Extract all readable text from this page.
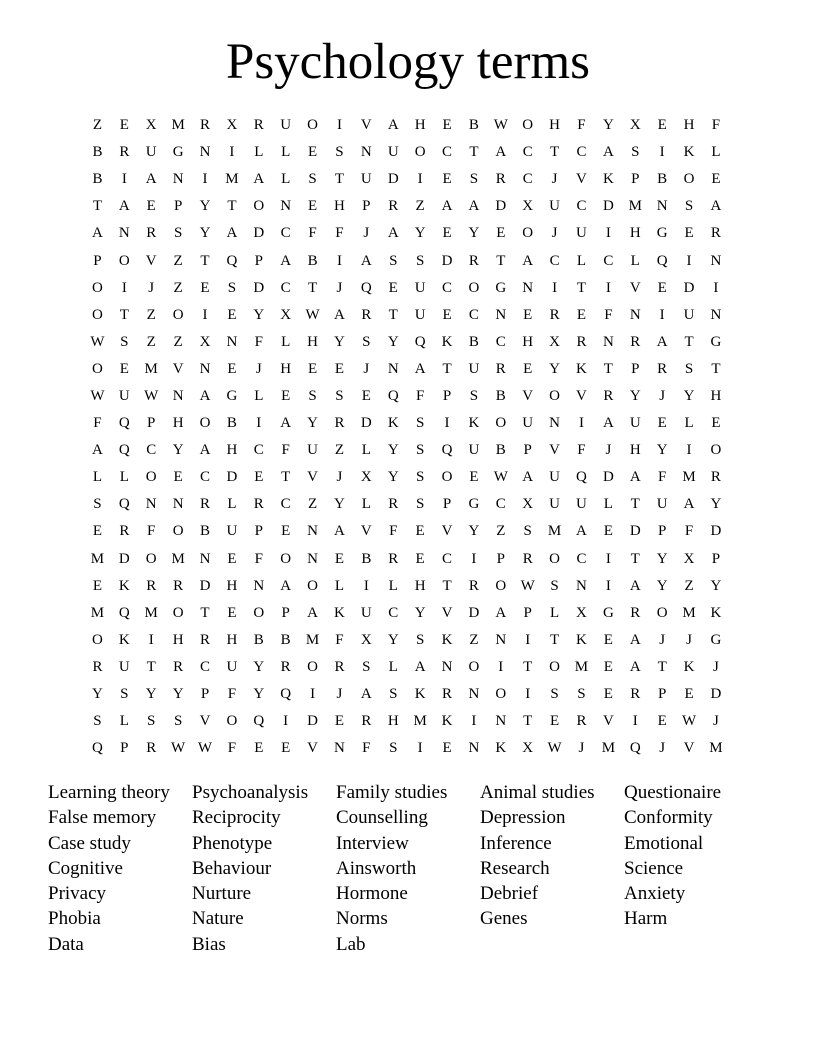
Psychology terms
Z	E	X M	R	X	R	U	O	I	V	A	H	E	B W O	H	F	Y	X	E	H	F
B	R	U	G	N	I	L	L	E	S	N	U	O	C	T	A	C	T	C	A	S	I	K	L
B	I	A	N	I	M A	L	S	T	U	D	I	E	S	R	C	J	V	K	P	B	O	E
T	A	E	P	Y	T	O	N	E	H	P	R	Z	A	A	D	X	U	C	D M N	S	A
A	N	R	S	Y	A	D	C	F	F	J	A	Y	E	Y	E	O	J	U	I	H	G	E	R
P	O	V	Z	T	Q	P	A	B	I	A	S	S	D	R	T	A	C	L	C	L	Q	I	N
O	I	J	Z	E	S	D	C	T	J	Q	E	U	C	O	G	N	I	T	I	V	E	D	I
O	T	Z	O	I	E	Y	X W A	R	T	U	E	C	N	E	R	E	F	N	I	U	N
W	S	Z	Z	X	N	F	L	H	Y	S	Y	Q	K	B	C	H	X	R	N	R	A	T	G
O	E	M V	N	E	J	H	E	E	J	N	A	T	U	R	E	Y	K	T	P	R	S	T
W U W N	A	G	L	E	S	S	E	Q	F	P	S	B	V	O	V	R	Y	J	Y	H
F	Q	P	H	O	B	I	A	Y	R	D	K	S	I	K	O	U	N	I	A	U	E	L	E
A	Q	C	Y	A	H	C	F	U	Z	L	Y	S	Q	U	B	P	V	F	J	H	Y	I	O
L	L	O	E	C	D	E	T	V	J	X	Y	S	O	E	W A	U	Q	D	A	F	M	R
S	Q	N	N	R	L	R	C	Z	Y	L	R	S	P	G	C	X	U	U	L	T	U	A	Y
E	R	F	O	B	U	P	E	N	A	V	F	E	V	Y	Z	S	M A	E	D	P	F	D
M D	O M N	E	F	O	N	E	B	R	E	C	I	P	R	O	C	I	T	Y	X	P
E	K	R	R	D	H	N	A	O	L	I	L	H	T	R	O W	S	N	I	A	Y	Z	Y
M Q M O	T	E	O	P	A	K	U	C	Y	V	D	A	P	L	X	G	R	O M K
O	K	I	H	R	H	B	B	M	F	X	Y	S	K	Z	N	I	T	K	E	A	J	J	G
R	U	T	R	C	U	Y	R	O	R	S	L	A	N	O	I	T	O M	E	A	T	K	J
Y	S	Y	Y	P	F	Y	Q	I	J	A	S	K	R	N	O	I	S	S	E	R	P	E	D
S	L	S	S	V	O	Q	I	D	E	R	H M K	I	N	T	E	R	V	I	E	W	J
Q	P	R W W	F	E	E	V	N	F	S	I	E	N	K	X W	J	M Q	J	V M
Learning theory
False memory
Case study
Cognitive
Privacy
Phobia
Data
Psychoanalysis
Reciprocity
Phenotype
Behaviour
Nurture
Nature
Bias
Family studies
Counselling
Interview
Ainsworth
Hormone
Norms
Lab
Animal studies
Depression
Inference
Research
Debrief
Genes
Questionaire
Conformity
Emotional
Science
Anxiety
Harm
